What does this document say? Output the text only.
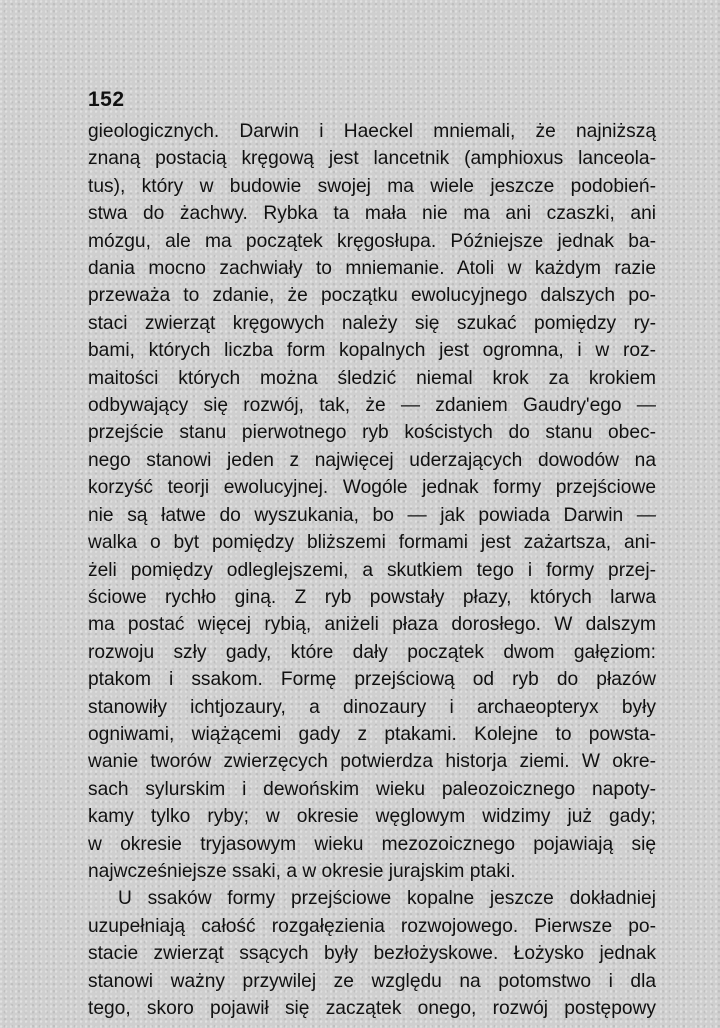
152
gieologicznych. Darwin i Haeckel mniemali, że najniższą
znaną postacią kręgową jest lancetnik (amphioxus lanceola-
tus), który w budowie swojej ma wiele jeszcze podobień-
stwa do żachwy. Rybka ta mała nie ma ani czaszki, ani
mózgu, ale ma początek kręgosłupa. Późniejsze jednak ba-
dania mocno zachwiały to mniemanie. Atoli w każdym razie
przeważa to zdanie, że początku ewolucyjnego dalszych po-
staci zwierząt kręgowych należy się szukać pomiędzy ry-
bami, których liczba form kopalnych jest ogromna, i w roz-
maitości których można śledzić niemal krok za krokiem
odbywający się rozwój, tak, że — zdaniem Gaudry'ego —
przejście stanu pierwotnego ryb kościstych do stanu obec-
nego stanowi jeden z najwięcej uderzających dowodów na
korzyść teorji ewolucyjnej. Wogóle jednak formy przejściowe
nie są łatwe do wyszukania, bo — jak powiada Darwin —
walka o byt pomiędzy bliższemi formami jest zażartsza, ani-
żeli pomiędzy odleglejszemi, a skutkiem tego i formy przej-
ściowe rychło giną. Z ryb powstały płazy, których larwa
ma postać więcej rybią, aniżeli płaza dorosłego. W dalszym
rozwoju szły gady, które dały początek dwom gałęziom:
ptakom i ssakom. Formę przejściową od ryb do płazów
stanowiły ichtjozaury, a dinozaury i archaeopteryx były
ogniwami, wiążącemi gady z ptakami. Kolejne to powsta-
wanie tworów zwierzęcych potwierdza historja ziemi. W okre-
sach sylurskim i dewońskim wieku paleozoicznego napoty-
kamy tylko ryby; w okresie węglowym widzimy już gady;
w okresie tryjasowym wieku mezozoicznego pojawiają się
najwcześniejsze ssaki, a w okresie jurajskim ptaki.
U ssaków formy przejściowe kopalne jeszcze dokładniej
uzupełniają całość rozgałęzienia rozwojowego. Pierwsze po-
stacie zwierząt ssących były bezłożyskowe. Łożysko jednak
stanowi ważny przywilej ze względu na potomstwo i dla
tego, skoro pojawił się zaczątek onego, rozwój postępowy
